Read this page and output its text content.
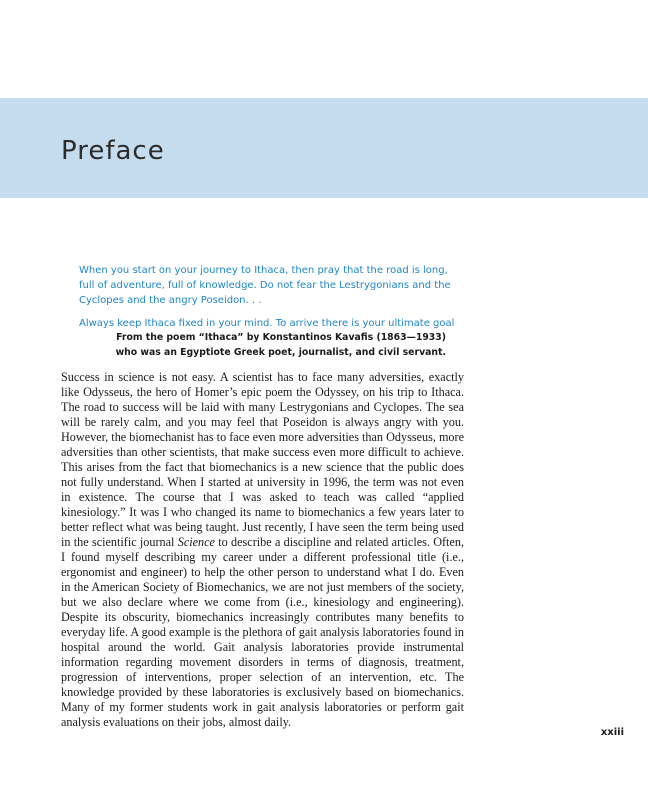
Preface

When you start on your journey to Ithaca, then pray that the road is long, full of adventure, full of knowledge. Do not fear the Lestrygonians and the Cyclopes and the angry Poseidon. . .

Always keep Ithaca fixed in your mind. To arrive there is your ultimate goal

From the poem “Ithaca” by Konstantinos Kavafis (1863—1933)

who was an Egyptiote Greek poet, journalist, and civil servant.

Success in science is not easy. A scientist has to face many adversities, exactly like Odysseus, the hero of Homer’s epic poem the Odyssey, on his trip to Ithaca. The road to success will be laid with many Lestrygonians and Cyclopes. The sea will be rarely calm, and you may feel that Poseidon is always angry with you. However, the biomechanist has to face even more adversities than Odysseus, more adversities than other scientists, that make success even more difficult to achieve. This arises from the fact that biomechanics is a new science that the public does not fully understand. When I started at university in 1996, the term was not even in existence. The course that I was asked to teach was called “applied kinesiology.” It was I who changed its name to biomechanics a few years later to better reflect what was being taught. Just recently, I have seen the term being used in the scientific journal Science to describe a discipline and related articles. Often, I found myself describing my career under a different professional title (i.e., ergonomist and engineer) to help the other person to understand what I do. Even in the American Society of Biomechanics, we are not just members of the society, but we also declare where we come from (i.e., kinesiology and engineering). Despite its obscurity, biomechanics increasingly contributes many benefits to everyday life. A good example is the plethora of gait analysis laboratories found in hospital around the world. Gait analysis laboratories provide instrumental information regarding movement disorders in terms of diagnosis, treatment, progression of interventions, proper selection of an intervention, etc. The knowledge provided by these laboratories is exclusively based on biomechanics. Many of my former students work in gait analysis laboratories or perform gait analysis evaluations on their jobs, almost daily.

xxiii
